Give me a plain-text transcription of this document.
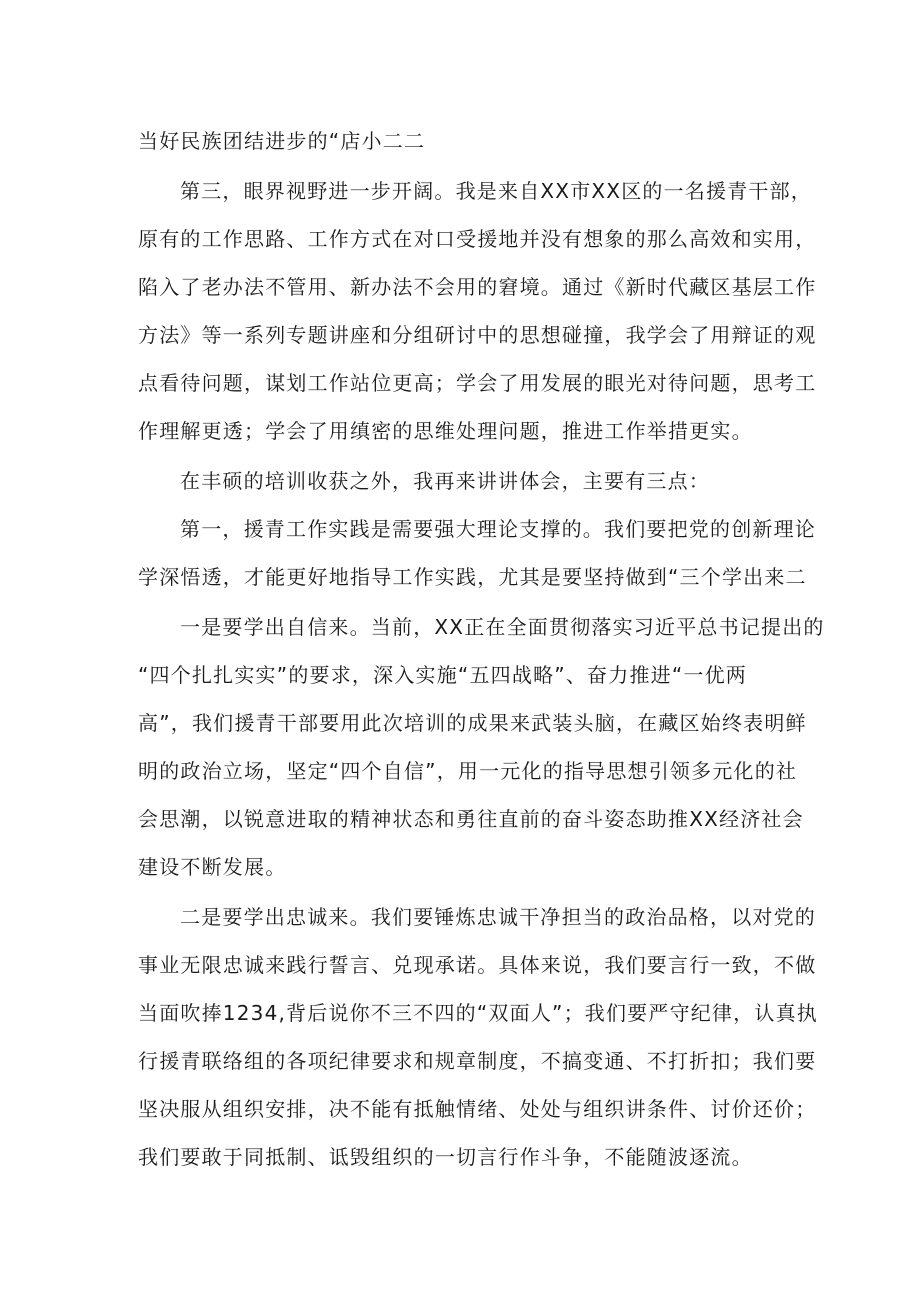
当好民族团结进步的“店小二二
第三，眼界视野进一步开阔。我是来自XX市XX区的一名援青干部，
原有的工作思路、工作方式在对口受援地并没有想象的那么高效和实用，
陷入了老办法不管用、新办法不会用的窘境。通过《新时代藏区基层工作
方法》等一系列专题讲座和分组研讨中的思想碰撞，我学会了用辩证的观
点看待问题，谋划工作站位更高；学会了用发展的眼光对待问题，思考工
作理解更透；学会了用缜密的思维处理问题，推进工作举措更实。
在丰硕的培训收获之外，我再来讲讲体会，主要有三点：
第一，援青工作实践是需要强大理论支撑的。我们要把党的创新理论
学深悟透，才能更好地指导工作实践，尤其是要坚持做到“三个学出来二
一是要学出自信来。当前，XX正在全面贯彻落实习近平总书记提出的
“四个扎扎实实”的要求，深入实施“五四战略”、奋力推进“一优两
高”，我们援青干部要用此次培训的成果来武装头脑，在藏区始终表明鲜
明的政治立场，坚定“四个自信”，用一元化的指导思想引领多元化的社
会思潮，以锐意进取的精神状态和勇往直前的奋斗姿态助推XX经济社会
建设不断发展。
二是要学出忠诚来。我们要锤炼忠诚干净担当的政治品格，以对党的
事业无限忠诚来践行誓言、兑现承诺。具体来说，我们要言行一致，不做
当面吹捧1234,背后说你不三不四的“双面人”；我们要严守纪律，认真执
行援青联络组的各项纪律要求和规章制度，不搞变通、不打折扣；我们要
坚决服从组织安排，决不能有抵触情绪、处处与组织讲条件、讨价还价；
我们要敢于同抵制、诋毁组织的一切言行作斗争，不能随波逐流。
